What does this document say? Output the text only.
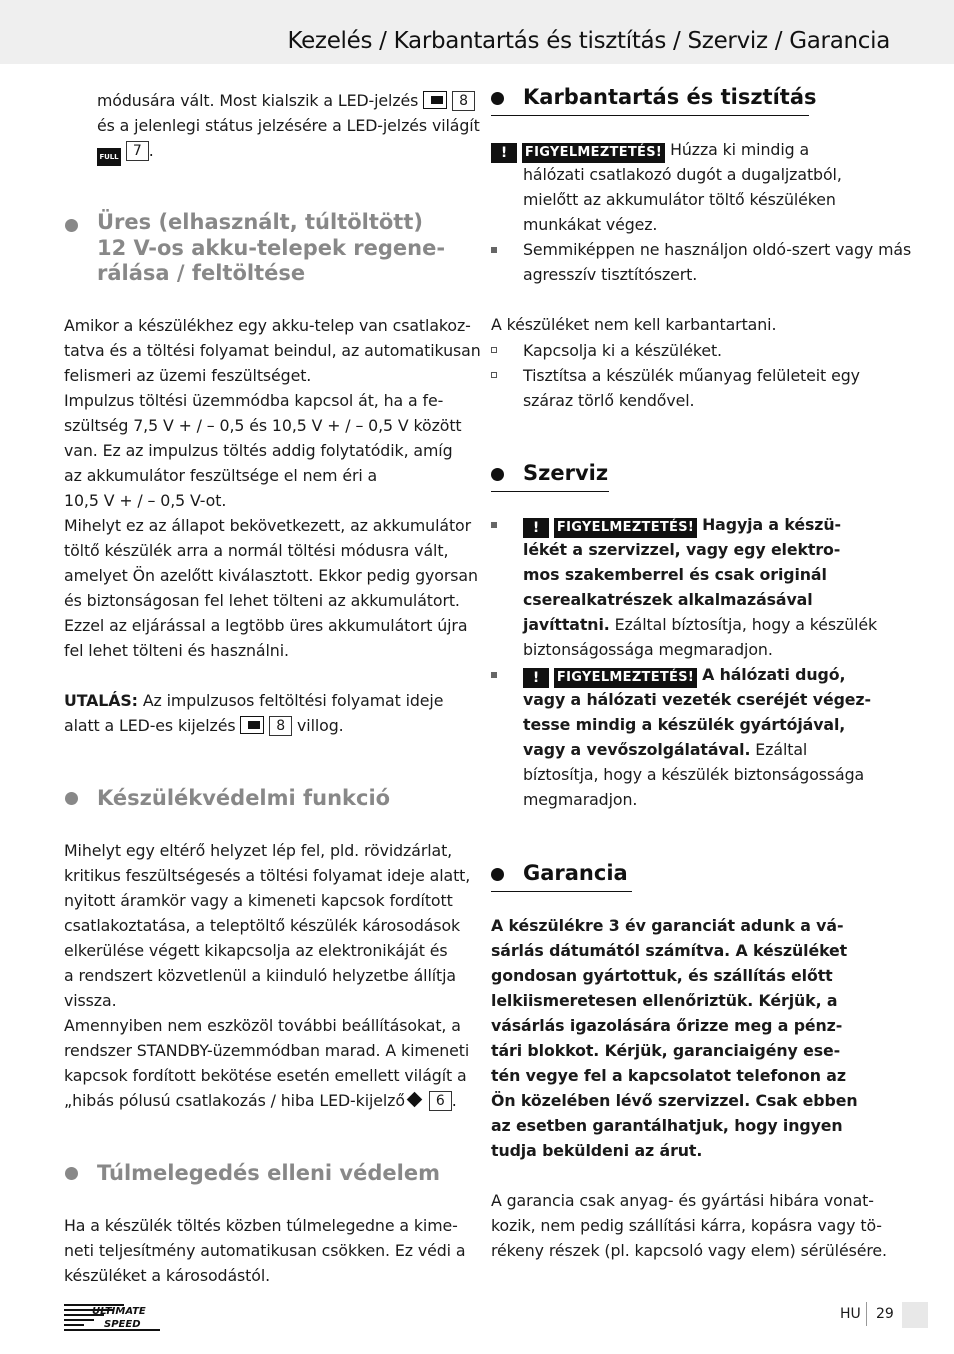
Kezelés / Karbantartás és tisztítás / Szerviz / Garancia

módusára vált. Most kialszik a LED-jelzés	8

és a jelenlegi státus jelzésére a LED-jelzés világít

FULL 7 .

Üres (elhasznált, túltöltött)
12 V-os akku-telepek regene-
rálása / feltöltése

Amikor a készülékhez egy akku-telep van csatlakoz-

tatva és a töltési folyamat beindul, az automatikusan

felismeri az üzemi feszültséget.

Impulzus töltési üzemmódba kapcsol át, ha a fe-

szültség 7,5 V + / – 0,5 és 10,5 V + / – 0,5 V között

van. Ez az impulzus töltés addig folytatódik, amíg

az akkumulátor feszültsége el nem éri a

10,5 V + / – 0,5 V-ot.

Mihelyt ez az állapot bekövetkezett, az akkumulátor

töltő készülék arra a normál töltési módusra vált,

amelyet Ön azelőtt kiválasztott. Ekkor pedig gyorsan

és biztonságosan fel lehet tölteni az akkumulátort.

Ezzel az eljárással a legtöbb üres akkumulátort újra

fel lehet tölteni és használni.

UTALÁS: Az impulzusos feltöltési folyamat ideje

alatt a LED-es kijelzés	8 villog.

Készülékvédelmi funkció

Mihelyt egy eltérő helyzet lép fel, pld. rövidzárlat,

kritikus feszültségesés a töltési folyamat ideje alatt,

nyitott áramkör vagy a kimeneti kapcsok fordított

csatlakoztatása, a teleptöltő készülék károsodások

elkerülése végett kikapcsolja az elektronikáját és

a rendszert közvetlenül a kiinduló helyzetbe állítja

vissza.

Amennyiben nem eszközöl további beállításokat, a

rendszer STANDBY-üzemmódban marad. A kimeneti

kapcsok fordított bekötése esetén emellett világít a

„hibás pólusú csatlakozás / hiba LED-kijelző 6 .

Túlmelegedés elleni védelem

Ha a készülék töltés közben túlmelegedne a kime-

neti teljesítmény automatikusan csökken. Ez védi a

készüléket a károsodástól.

Karbantartás és tisztítás

! FIGYELMEZTETÉS! Húzza ki mindig a

hálózati csatlakozó dugót a dugaljzatból,

mielőtt az akkumulátor töltő készüléken

munkákat végez.

Semmiképpen ne használjon oldó-szert vagy más

agresszív tisztítószert.

A készüléket nem kell karbantartani.

Kapcsolja ki a készüléket.

Tisztítsa a készülék műanyag felületeit egy

száraz törlő kendővel.

Szerviz

! FIGYELMEZTETÉS! Hagyja a készü-

lékét a szervizzel, vagy egy elektro-

mos szakemberrel és csak originál

cserealkatrészek alkalmazásával

javíttatni. Ezáltal bíztosítja, hogy a készülék

biztonságossága megmaradjon.

! FIGYELMEZTETÉS! A hálózati dugó,

vagy a hálózati vezeték cseréjét végez-

tesse mindig a készülék gyártójával,

vagy a vevőszolgálatával. Ezáltal

bíztosítja, hogy a készülék biztonságossága

megmaradjon.

Garancia

A készülékre 3 év garanciát adunk a vá-

sárlás dátumától számítva. A készüléket

gondosan gyártottuk, és szállítás előtt

lelkiismeretesen ellenőriztük. Kérjük, a

vásárlás igazolására őrizze meg a pénz-

tári blokkot. Kérjük, garanciaigény ese-

tén vegye fel a kapcsolatot telefonon az

Ön közelében lévő szervizzel. Csak ebben

az esetben garantálhatjuk, hogy ingyen

tudja beküldeni az árut.

A garancia csak anyag- és gyártási hibára vonat-

kozik, nem pedig szállítási kárra, kopásra vagy tö-

rékeny részek (pl. kapcsoló vagy elem) sérülésére.

ULTIMATE
SPEED
HU 29
